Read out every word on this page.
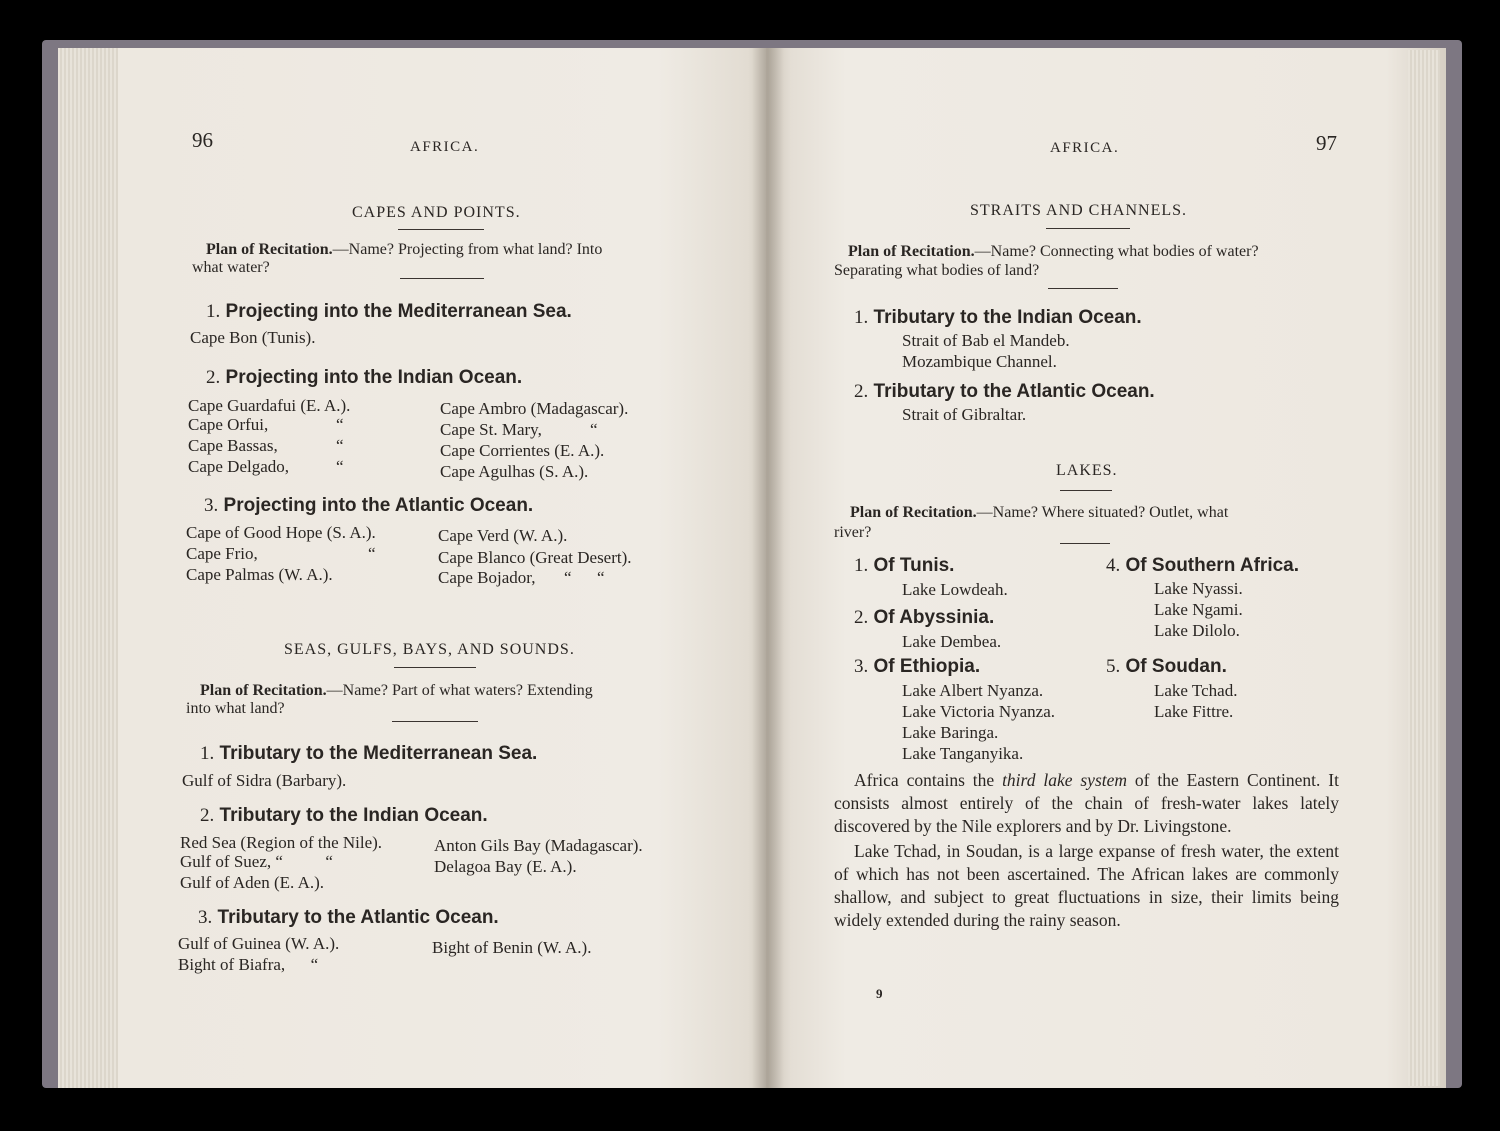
96	AFRICA.
CAPES AND POINTS.
Plan of Recitation.—Name? Projecting from what land? Into
what water?
1. Projecting into the Mediterranean Sea.
Cape Bon (Tunis).
2. Projecting into the Indian Ocean.
Cape Guardafui (E. A.).
Cape Orfui,	“
Cape Bassas,	“
Cape Delgado,	“
Cape Ambro (Madagascar).
Cape St. Mary,	“
Cape Corrientes (E. A.).
Cape Agulhas (S. A.).
3. Projecting into the Atlantic Ocean.
Cape of Good Hope (S. A.).
Cape Frio,	“
Cape Palmas (W. A.).
Cape Verd (W. A.).
Cape Blanco (Great Desert).
Cape Bojador, “      “
SEAS, GULFS, BAYS, AND SOUNDS.
Plan of Recitation.—Name? Part of what waters? Extending
into what land?
1. Tributary to the Mediterranean Sea.
Gulf of Sidra (Barbary).
2. Tributary to the Indian Ocean.
Red Sea (Region of the Nile).
Gulf of Suez, “          “
Gulf of Aden (E. A.).
Anton Gils Bay (Madagascar).
Delagoa Bay (E. A.).
3. Tributary to the Atlantic Ocean.
Gulf of Guinea (W. A.).
Bight of Biafra,      “
Bight of Benin (W. A.).
AFRICA.	97
STRAITS AND CHANNELS.
Plan of Recitation.—Name? Connecting what bodies of water?
Separating what bodies of land?
1. Tributary to the Indian Ocean.
Strait of Bab el Mandeb.
Mozambique Channel.
2. Tributary to the Atlantic Ocean.
Strait of Gibraltar.
LAKES.
Plan of Recitation.—Name? Where situated? Outlet, what
river?
1. Of Tunis.
Lake Lowdeah.
2. Of Abyssinia.
Lake Dembea.
3. Of Ethiopia.
Lake Albert Nyanza.
Lake Victoria Nyanza.
Lake Baringa.
Lake Tanganyika.
4. Of Southern Africa.
Lake Nyassi.
Lake Ngami.
Lake Dilolo.
5. Of Soudan.
Lake Tchad.
Lake Fittre.

Africa contains the third lake system of the Eastern Continent. It consists almost entirely of the chain of fresh-water lakes lately discovered by the Nile explorers and by Dr. Livingstone.

Lake Tchad, in Soudan, is a large expanse of fresh water, the extent of which has not been ascertained. The African lakes are commonly shallow, and subject to great fluctuations in size, their limits being widely extended during the rainy season.

9
